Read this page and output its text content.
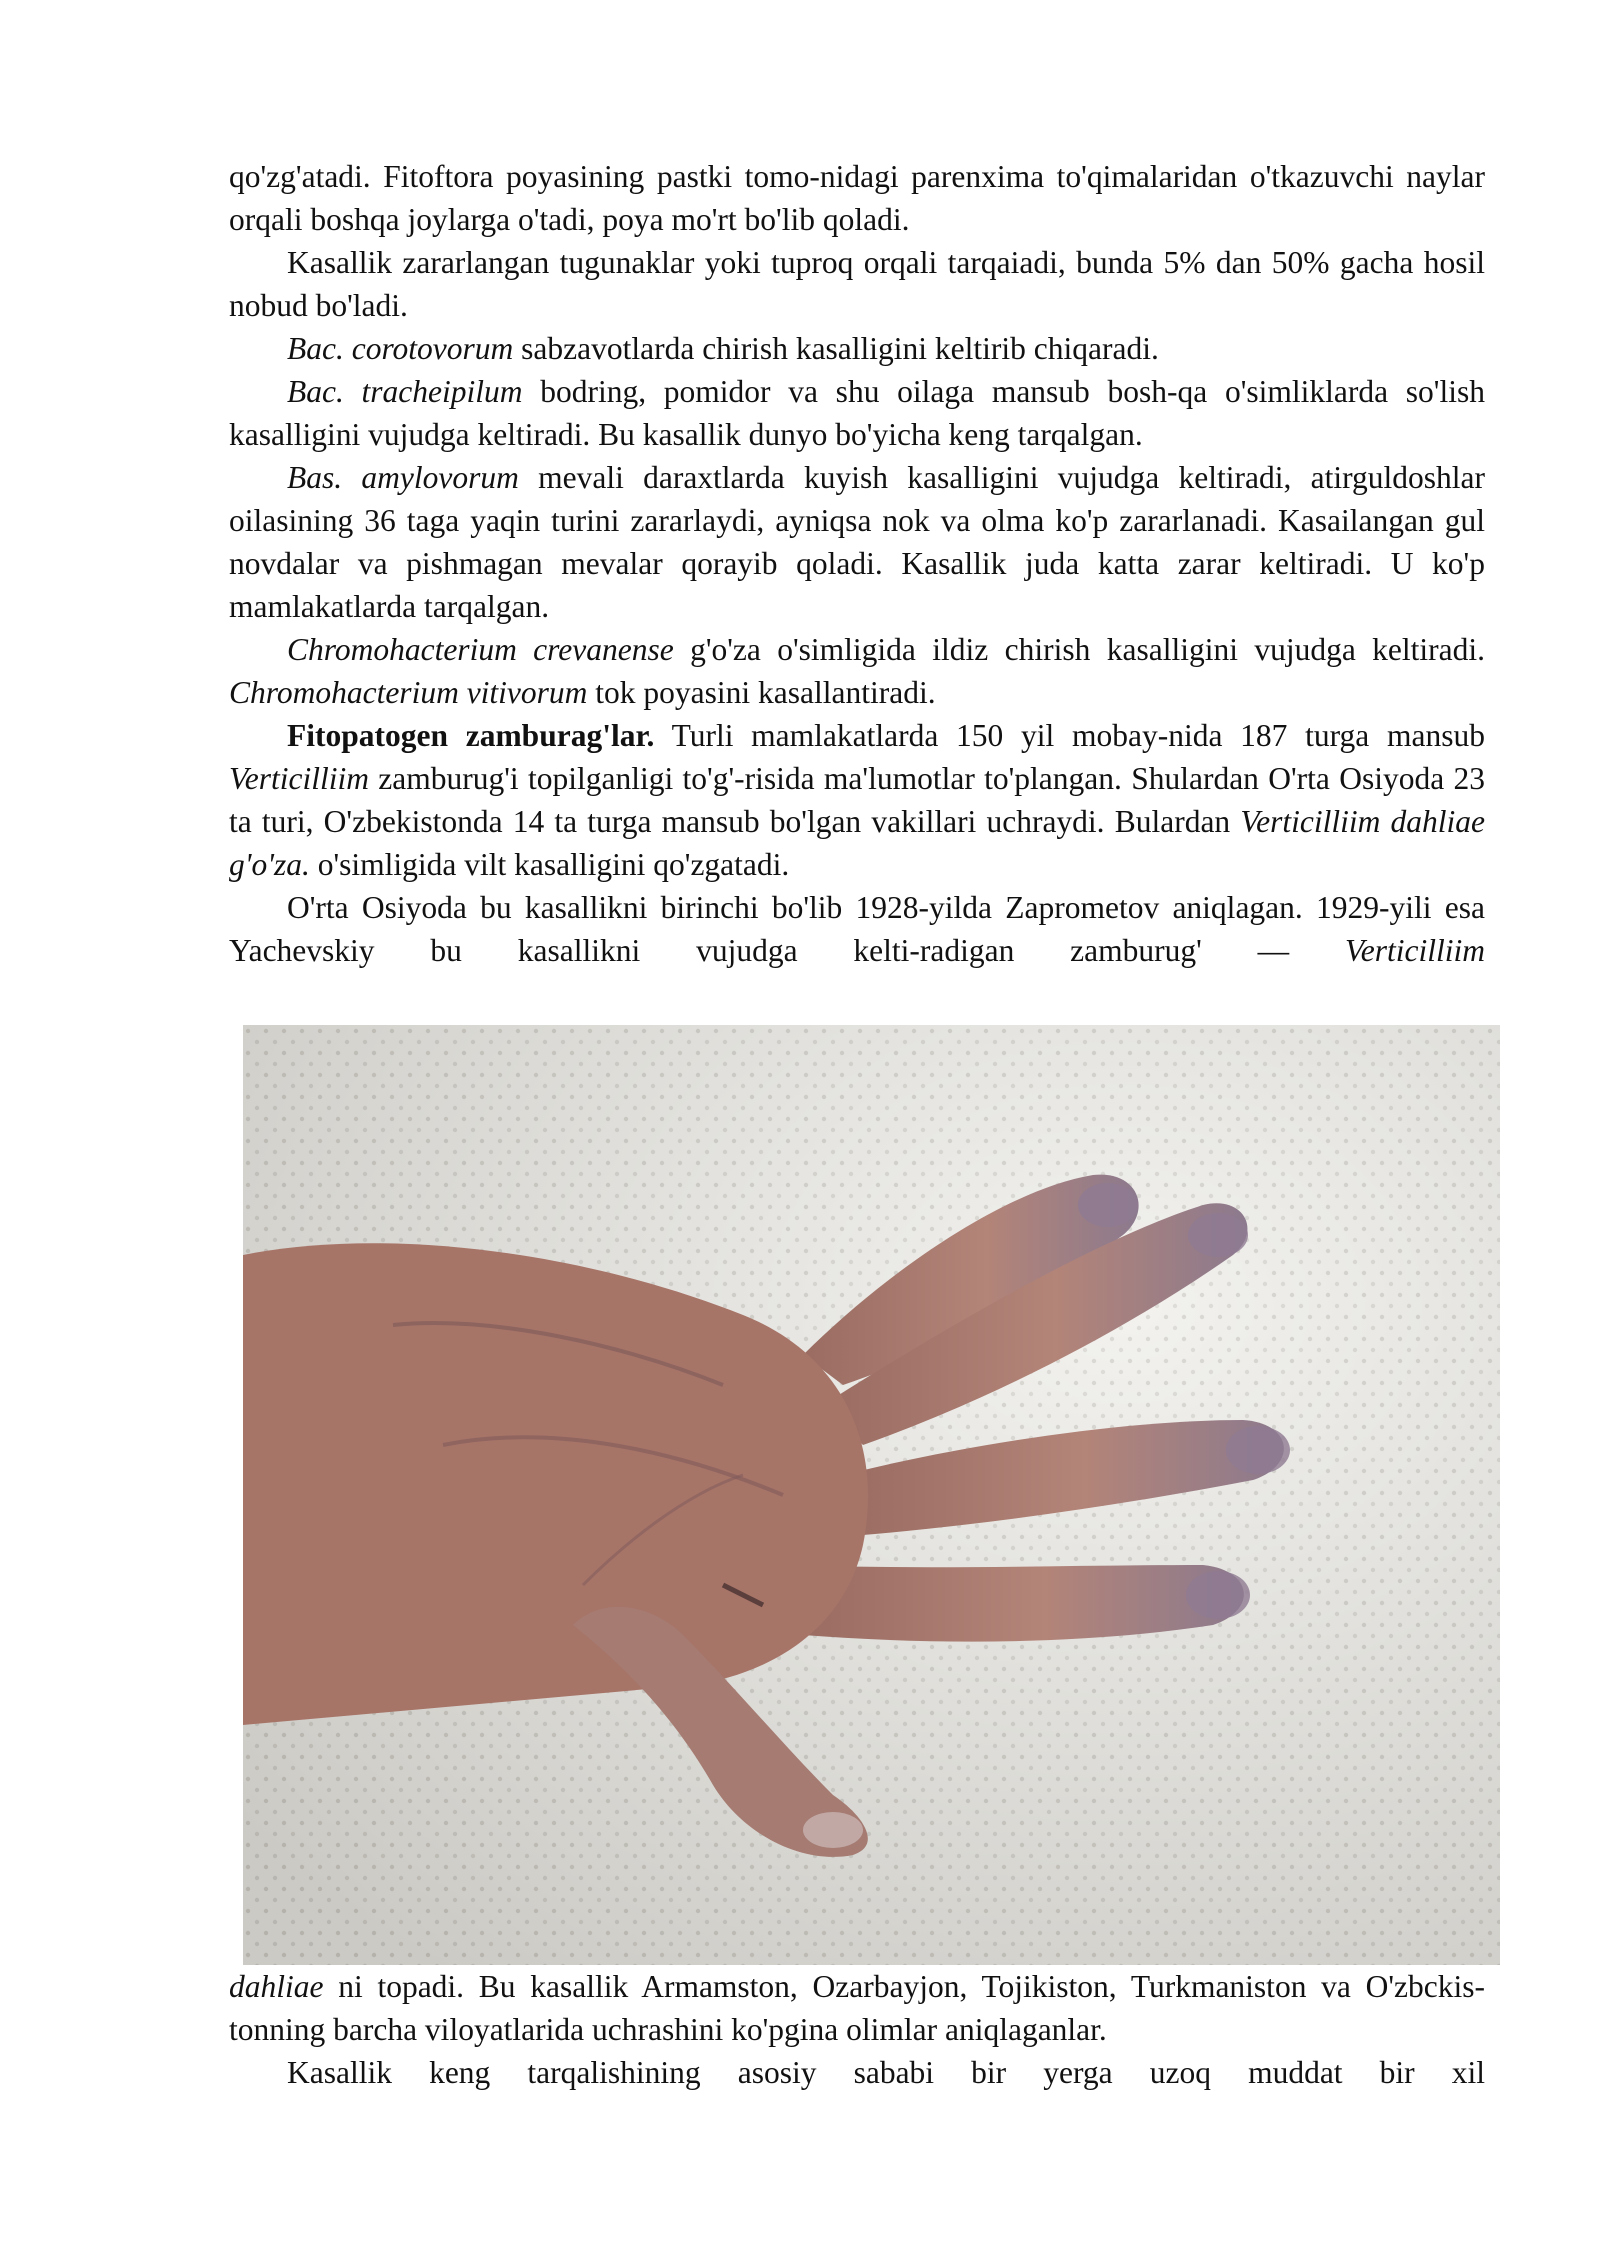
qo'zg'atadi. Fitoftora poyasining pastki tomo-nidagi parenxima to'qimalaridan o'tkazuvchi naylar orqali boshqa joylarga o'tadi, poya mo'rt bo'lib qoladi.

Kasallik zararlangan tugunaklar yoki tuproq orqali tarqaiadi, bunda 5% dan 50% gacha hosil nobud bo'ladi.

Bac. corotovorum sabzavotlarda chirish kasalligini keltirib chiqaradi.

Bac. tracheipilum bodring, pomidor va shu oilaga mansub bosh-qa o'simliklarda so'lish kasalligini vujudga keltiradi. Bu kasallik dunyo bo'yicha keng tarqalgan.

Bas. amylovorum mevali daraxtlarda kuyish kasalligini vujudga keltiradi, atirguldoshlar oilasining 36 taga yaqin turini zararlaydi, ayniqsa nok va olma ko'p zararlanadi. Kasailangan gul novdalar va pishmagan mevalar qorayib qoladi. Kasallik juda katta zarar keltiradi. U ko'p mamlakatlarda tarqalgan.

Chromohacterium crevanense g'o'za o'simligida ildiz chirish kasalligini vujudga keltiradi. Chromohacterium vitivorum tok poyasini kasallantiradi.

Fitopatogen zamburag'lar. Turli mamlakatlarda 150 yil mobay-nida 187 turga mansub Verticilliim zamburug'i topilganligi to'g'-risida ma'lumotlar to'plangan. Shulardan O'rta Osiyoda 23 ta turi, O'zbekistonda 14 ta turga mansub bo'lgan vakillari uchraydi. Bulardan Verticilliim dahliae g'o'za. o'simligida vilt kasalligini qo'zgatadi.

O'rta Osiyoda bu kasallikni birinchi bo'lib 1928-yilda Zaprometov aniqlagan. 1929-yili esa Yachevskiy bu kasallikni vujudga kelti-radigan zamburug' — Verticilliim

dahliae ni topadi. Bu kasallik Armamston, Ozarbayjon, Tojikiston, Turkmaniston va O'zbckis-tonning barcha viloyatlarida uchrashini ko'pgina olimlar aniqlaganlar.

Kasallik keng tarqalishining asosiy sababi bir yerga uzoq muddat bir xil
